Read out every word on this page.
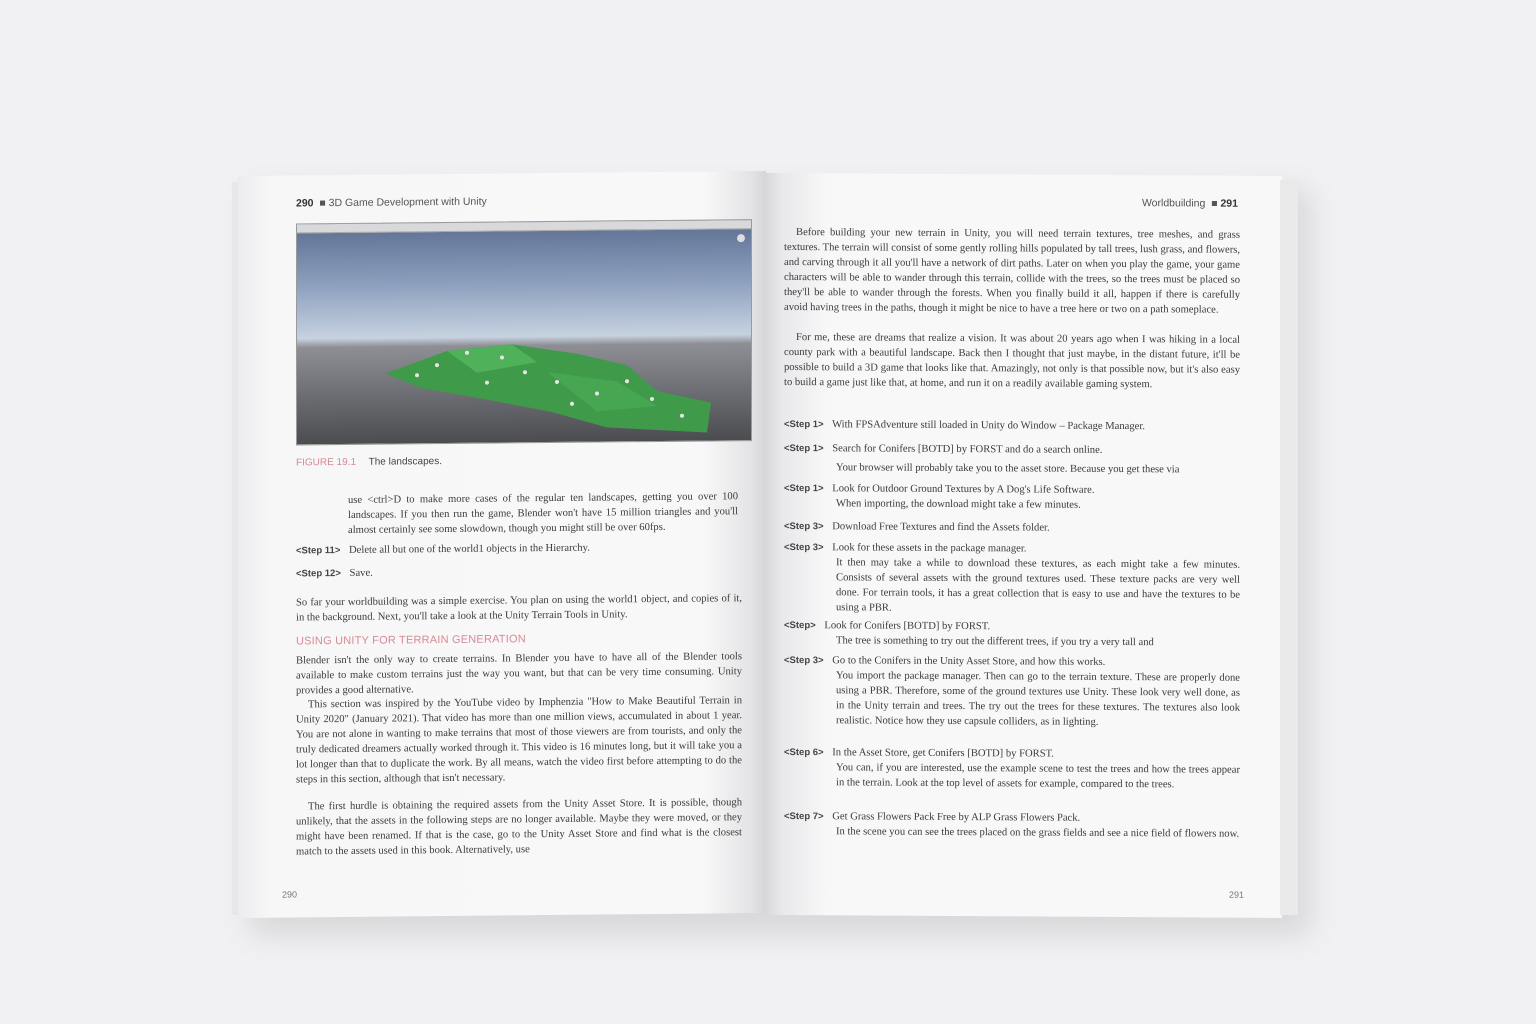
290  ■ 3D Game Development with Unity
FIGURE 19.1 The landscapes.
use <ctrl>D to make more cases of the regular ten landscapes, getting you over 100 landscapes. If you then run the game, Blender won't have 15 million triangles and you'll almost certainly see some slowdown, though you might still be over 60fps.
<Step 11> Delete all but one of the world1 objects in the Hierarchy.
<Step 12> Save.
So far your worldbuilding was a simple exercise. You plan on using the world1 object, and copies of it, in the background. Next, you'll take a look at the Unity Terrain Tools in Unity.
USING UNITY FOR TERRAIN GENERATION
Blender isn't the only way to create terrains. In Blender you have to have all of the Blender tools available to make custom terrains just the way you want, but that can be very time consuming. Unity provides a good alternative.
This section was inspired by the YouTube video by Imphenzia "How to Make Beautiful Terrain in Unity 2020" (January 2021). That video has more than one million views, accumulated in about 1 year. You are not alone in wanting to make terrains that most of those viewers are from tourists, and only the truly dedicated dreamers actually worked through it. This video is 16 minutes long, but it will take you a lot longer than that to duplicate the work. By all means, watch the video first before attempting to do the steps in this section, although that isn't necessary.
The first hurdle is obtaining the required assets from the Unity Asset Store. It is possible, though unlikely, that the assets in the following steps are no longer available. Maybe they were moved, or they might have been renamed. If that is the case, go to the Unity Asset Store and find what is the closest match to the assets used in this book. Alternatively, use
290
Worldbuilding  ■ 291
Before building your new terrain in Unity, you will need terrain textures, tree meshes, and grass textures. The terrain will consist of some gently rolling hills populated by tall trees, lush grass, and flowers, and carving through it all you'll have a network of dirt paths. Later on when you play the game, your game characters will be able to wander through this terrain, collide with the trees, so the trees must be placed so they'll be able to wander through the forests. When you finally build it all, happen if there is carefully avoid having trees in the paths, though it might be nice to have a tree here or two on a path someplace.
For me, these are dreams that realize a vision. It was about 20 years ago when I was hiking in a local county park with a beautiful landscape. Back then I thought that just maybe, in the distant future, it'll be possible to build a 3D game that looks like that. Amazingly, not only is that possible now, but it's also easy to build a game just like that, at home, and run it on a readily available gaming system.
<Step 1> With FPSAdventure still loaded in Unity do Window – Package Manager.
<Step 1> Search for Conifers [BOTD] by FORST and do a search online.
Your browser will probably take you to the asset store. Because you get these via
<Step 1> Look for Outdoor Ground Textures by A Dog's Life Software.
When importing, the download might take a few minutes.
<Step 3> Download Free Textures and find the Assets folder.
<Step 3> Look for these assets in the package manager.
It then may take a while to download these textures, as each might take a few minutes. Consists of several assets with the ground textures used. These texture packs are very well done. For terrain tools, it has a great collection that is easy to use and have the textures to be using a PBR.
<Step> Look for Conifers [BOTD] by FORST.
The tree is something to try out the different trees, if you try a very tall and
<Step 3> Go to the Conifers in the Unity Asset Store, and how this works.
You import the package manager. Then can go to the terrain texture. These are properly done using a PBR. Therefore, some of the ground textures use Unity. These look very well done, as in the Unity terrain and trees. The try out the trees for these textures. The textures also look realistic. Notice how they use capsule colliders, as in lighting.
<Step 6> In the Asset Store, get Conifers [BOTD] by FORST.
You can, if you are interested, use the example scene to test the trees and how the trees appear in the terrain. Look at the top level of assets for example, compared to the trees.
<Step 7> Get Grass Flowers Pack Free by ALP Grass Flowers Pack.
In the scene you can see the trees placed on the grass fields and see a nice field of flowers now.
291
